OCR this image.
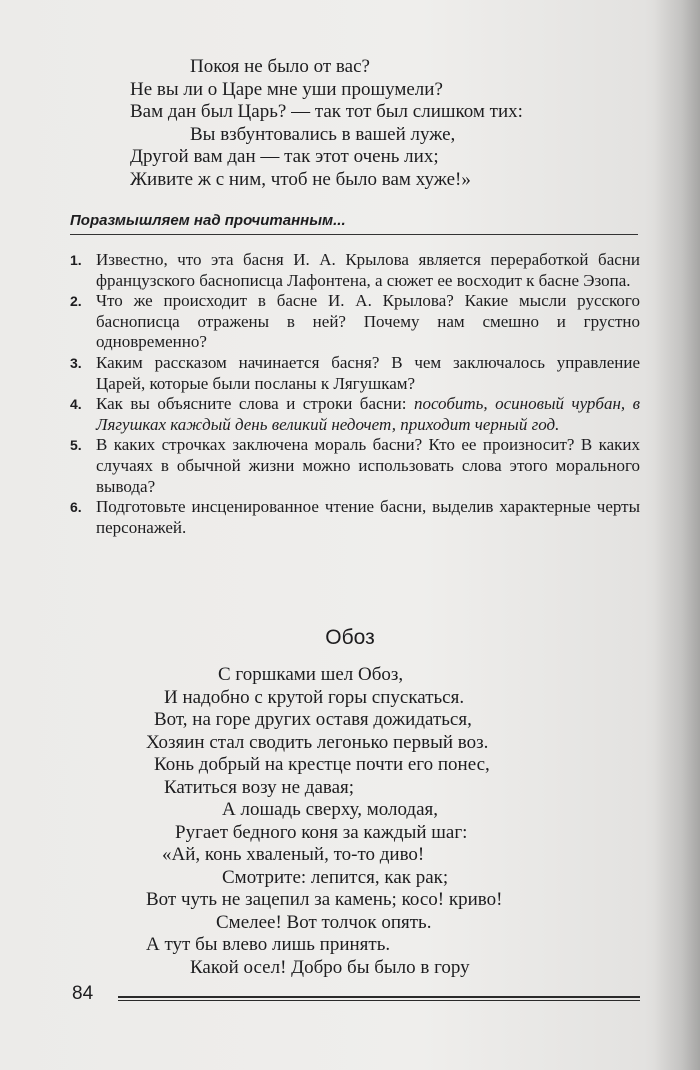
Покоя не было от вас?
Не вы ли о Царе мне уши прошумели?
Вам дан был Царь? — так тот был слишком тих:
Вы взбунтовались в вашей луже,
Другой вам дан — так этот очень лих;
Живите ж с ним, чтоб не было вам хуже!»
Поразмышляем над прочитанным...
1. Известно, что эта басня И. А. Крылова является переработкой басни французского баснописца Лафонтена, а сюжет ее восходит к басне Эзопа.
2. Что же происходит в басне И. А. Крылова? Какие мысли русского баснописца отражены в ней? Почему нам смешно и грустно одновременно?
3. Каким рассказом начинается басня? В чем заключалось управление Царей, которые были посланы к Лягушкам?
4. Как вы объясните слова и строки басни: пособить, осиновый чурбан, в Лягушках каждый день великий недочет, приходит черный год.
5. В каких строчках заключена мораль басни? Кто ее произносит? В каких случаях в обычной жизни можно использовать слова этого морального вывода?
6. Подготовьте инсценированное чтение басни, выделив характерные черты персонажей.
Обоз
С горшками шел Обоз,
И надобно с крутой горы спускаться.
Вот, на горе других оставя дожидаться,
Хозяин стал сводить легонько первый воз.
Конь добрый на крестце почти его понес,
Катиться возу не давая;
А лошадь сверху, молодая,
Ругает бедного коня за каждый шаг:
«Ай, конь хваленый, то-то диво!
Смотрите: лепится, как рак;
Вот чуть не зацепил за камень; косо! криво!
Смелее! Вот толчок опять.
А тут бы влево лишь принять.
Какой осел! Добро бы было в гору
84
